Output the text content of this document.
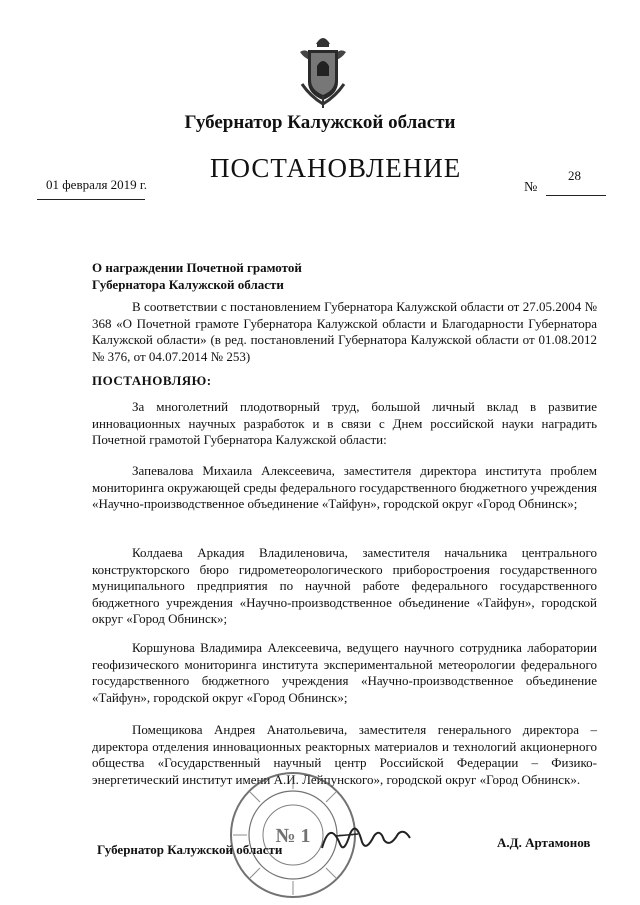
Губернатор Калужской области
ПОСТАНОВЛЕНИЕ
01 февраля 2019 г.	№
28
О награждении Почетной грамотой
Губернатора Калужской области

В соответствии с постановлением Губернатора Калужской области от 27.05.2004 № 368 «О Почетной грамоте Губернатора Калужской области и Благодарности Губернатора Калужской области» (в ред. постановлений Губернатора Калужской области от 01.08.2012 № 376, от 04.07.2014 № 253)

ПОСТАНОВЛЯЮ:

За многолетний плодотворный труд, большой личный вклад в развитие инновационных научных разработок и в связи с Днем российской науки наградить Почетной грамотой Губернатора Калужской области:

Запевалова Михаила Алексеевича, заместителя директора института проблем мониторинга окружающей среды федерального государственного бюджетного учреждения «Научно-производственное объединение «Тайфун», городской округ «Город Обнинск»;

Колдаева Аркадия Владиленовича, заместителя начальника центрального конструкторского бюро гидрометеорологического приборостроения государственного муниципального предприятия по научной работе федерального государственного бюджетного учреждения «Научно-производственное объединение «Тайфун», городской округ «Город Обнинск»;

Коршунова Владимира Алексеевича, ведущего научного сотрудника лаборатории геофизического мониторинга института экспериментальной метеорологии федерального государственного бюджетного учреждения «Научно-производственное объединение «Тайфун», городской округ «Город Обнинск»;

Помещикова Андрея Анатольевича, заместителя генерального директора – директора отделения инновационных реакторных материалов и технологий акционерного общества «Государственный научный центр Российской Федерации – Физико-энергетический институт имени А.И. Лейпунского», городской округ «Город Обнинск».

№ 1
Губернатор Калужской области	А.Д. Артамонов
